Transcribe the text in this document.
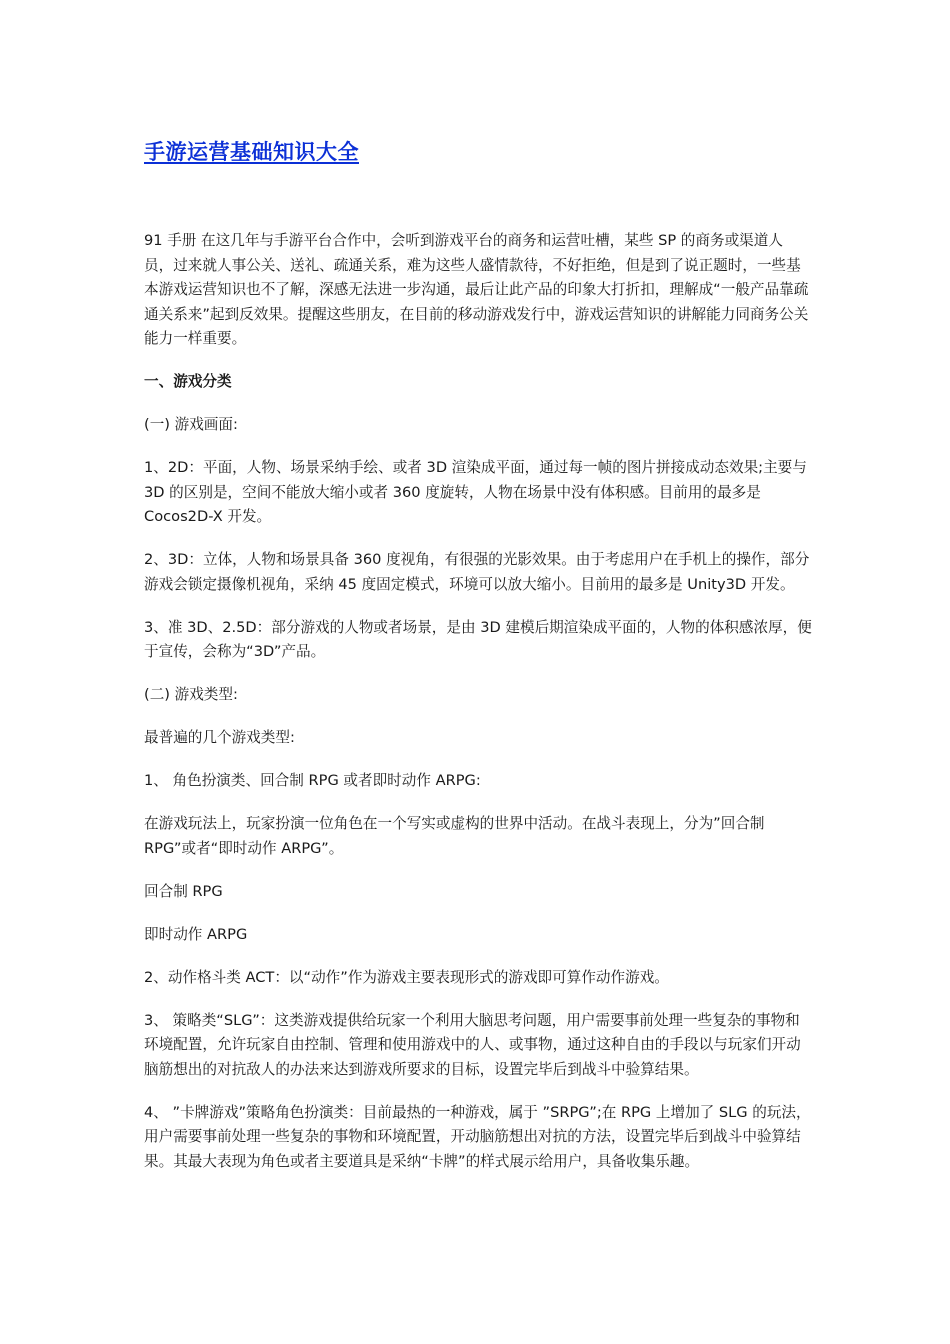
手游运营基础知识大全

91 手册 在这几年与手游平台合作中，会听到游戏平台的商务和运营吐槽，某些 SP 的商务或渠道人员，过来就人事公关、送礼、疏通关系，难为这些人盛情款待，不好拒绝，但是到了说正题时，一些基本游戏运营知识也不了解，深感无法进一步沟通，最后让此产品的印象大打折扣，理解成“一般产品靠疏通关系来”起到反效果。提醒这些朋友，在目前的移动游戏发行中，游戏运营知识的讲解能力同商务公关能力一样重要。

一、游戏分类

(一) 游戏画面:

1、2D：平面，人物、场景采纳手绘、或者 3D 渲染成平面，通过每一帧的图片拼接成动态效果;主要与 3D 的区别是，空间不能放大缩小或者 360 度旋转，人物在场景中没有体积感。目前用的最多是 Cocos2D-X 开发。

2、3D：立体，人物和场景具备 360 度视角，有很强的光影效果。由于考虑用户在手机上的操作，部分游戏会锁定摄像机视角，采纳 45 度固定模式，环境可以放大缩小。目前用的最多是 Unity3D 开发。

3、准 3D、2.5D：部分游戏的人物或者场景，是由 3D 建模后期渲染成平面的，人物的体积感浓厚，便于宣传，会称为“3D”产品。

(二) 游戏类型:

最普遍的几个游戏类型:

1、 角色扮演类、回合制 RPG 或者即时动作 ARPG:

在游戏玩法上，玩家扮演一位角色在一个写实或虚构的世界中活动。在战斗表现上，分为”回合制 RPG”或者“即时动作 ARPG”。

回合制 RPG

即时动作 ARPG

2、动作格斗类 ACT：以“动作”作为游戏主要表现形式的游戏即可算作动作游戏。

3、 策略类“SLG”：这类游戏提供给玩家一个利用大脑思考问题，用户需要事前处理一些复杂的事物和环境配置，允许玩家自由控制、管理和使用游戏中的人、或事物，通过这种自由的手段以与玩家们开动脑筋想出的对抗敌人的办法来达到游戏所要求的目标，设置完毕后到战斗中验算结果。

4、 ”卡牌游戏”策略角色扮演类：目前最热的一种游戏，属于 ”SRPG”;在 RPG 上增加了 SLG 的玩法，用户需要事前处理一些复杂的事物和环境配置，开动脑筋想出对抗的方法，设置完毕后到战斗中验算结果。其最大表现为角色或者主要道具是采纳“卡牌”的样式展示给用户，具备收集乐趣。
